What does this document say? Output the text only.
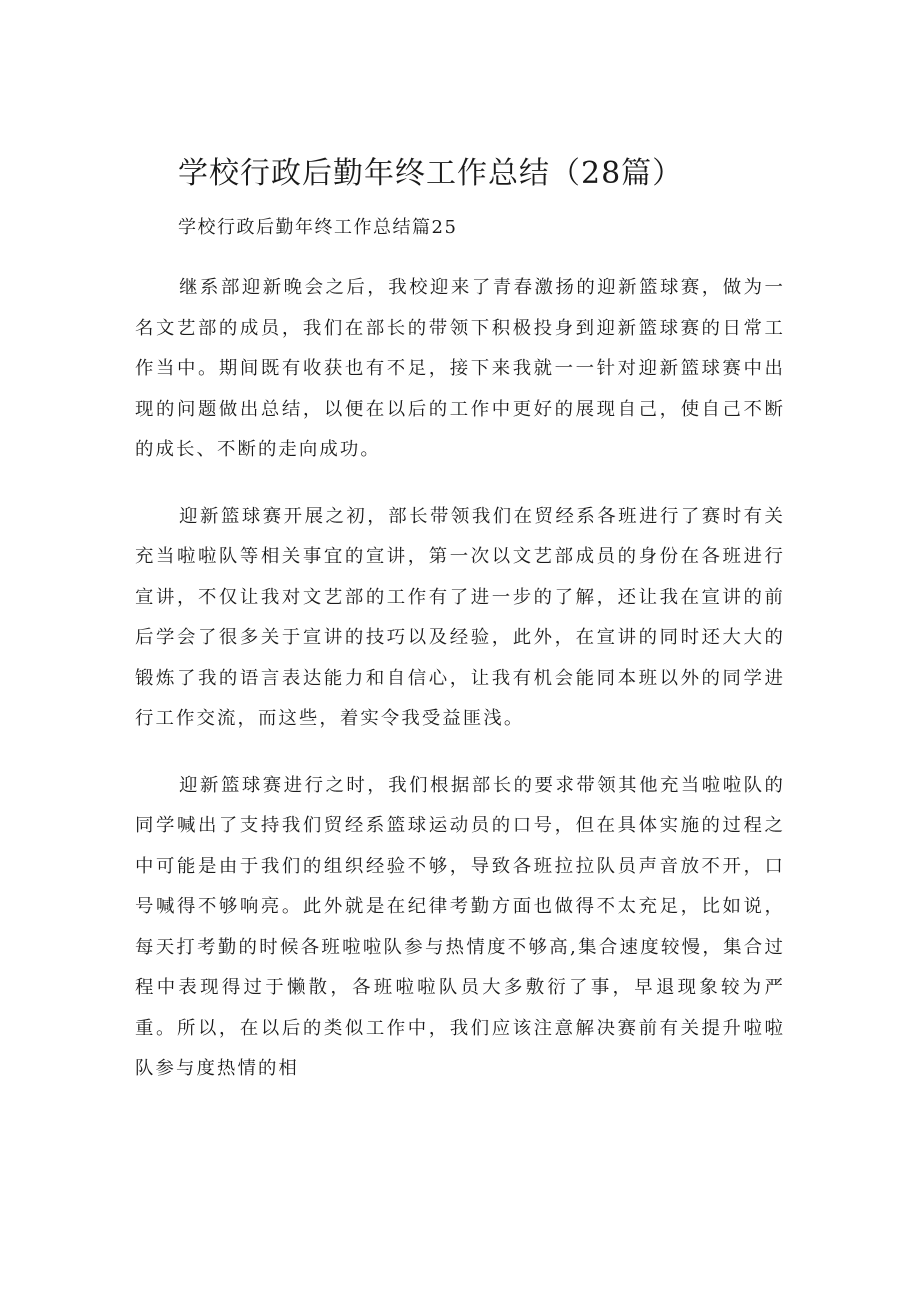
学校行政后勤年终工作总结（28篇）
学校行政后勤年终工作总结篇25

继系部迎新晚会之后，我校迎来了青春激扬的迎新篮球赛，做为一名文艺部的成员，我们在部长的带领下积极投身到迎新篮球赛的日常工作当中。期间既有收获也有不足，接下来我就一一针对迎新篮球赛中出现的问题做出总结，以便在以后的工作中更好的展现自己，使自己不断的成长、不断的走向成功。

迎新篮球赛开展之初，部长带领我们在贸经系各班进行了赛时有关充当啦啦队等相关事宜的宣讲，第一次以文艺部成员的身份在各班进行宣讲，不仅让我对文艺部的工作有了进一步的了解，还让我在宣讲的前后学会了很多关于宣讲的技巧以及经验，此外，在宣讲的同时还大大的锻炼了我的语言表达能力和自信心，让我有机会能同本班以外的同学进行工作交流，而这些，着实令我受益匪浅。

迎新篮球赛进行之时，我们根据部长的要求带领其他充当啦啦队的同学喊出了支持我们贸经系篮球运动员的口号，但在具体实施的过程之中可能是由于我们的组织经验不够，导致各班拉拉队员声音放不开，口号喊得不够响亮。此外就是在纪律考勤方面也做得不太充足，比如说，每天打考勤的时候各班啦啦队参与热情度不够高,集合速度较慢，集合过程中表现得过于懒散，各班啦啦队员大多敷衍了事，早退现象较为严重。所以，在以后的类似工作中，我们应该注意解决赛前有关提升啦啦队参与度热情的相
